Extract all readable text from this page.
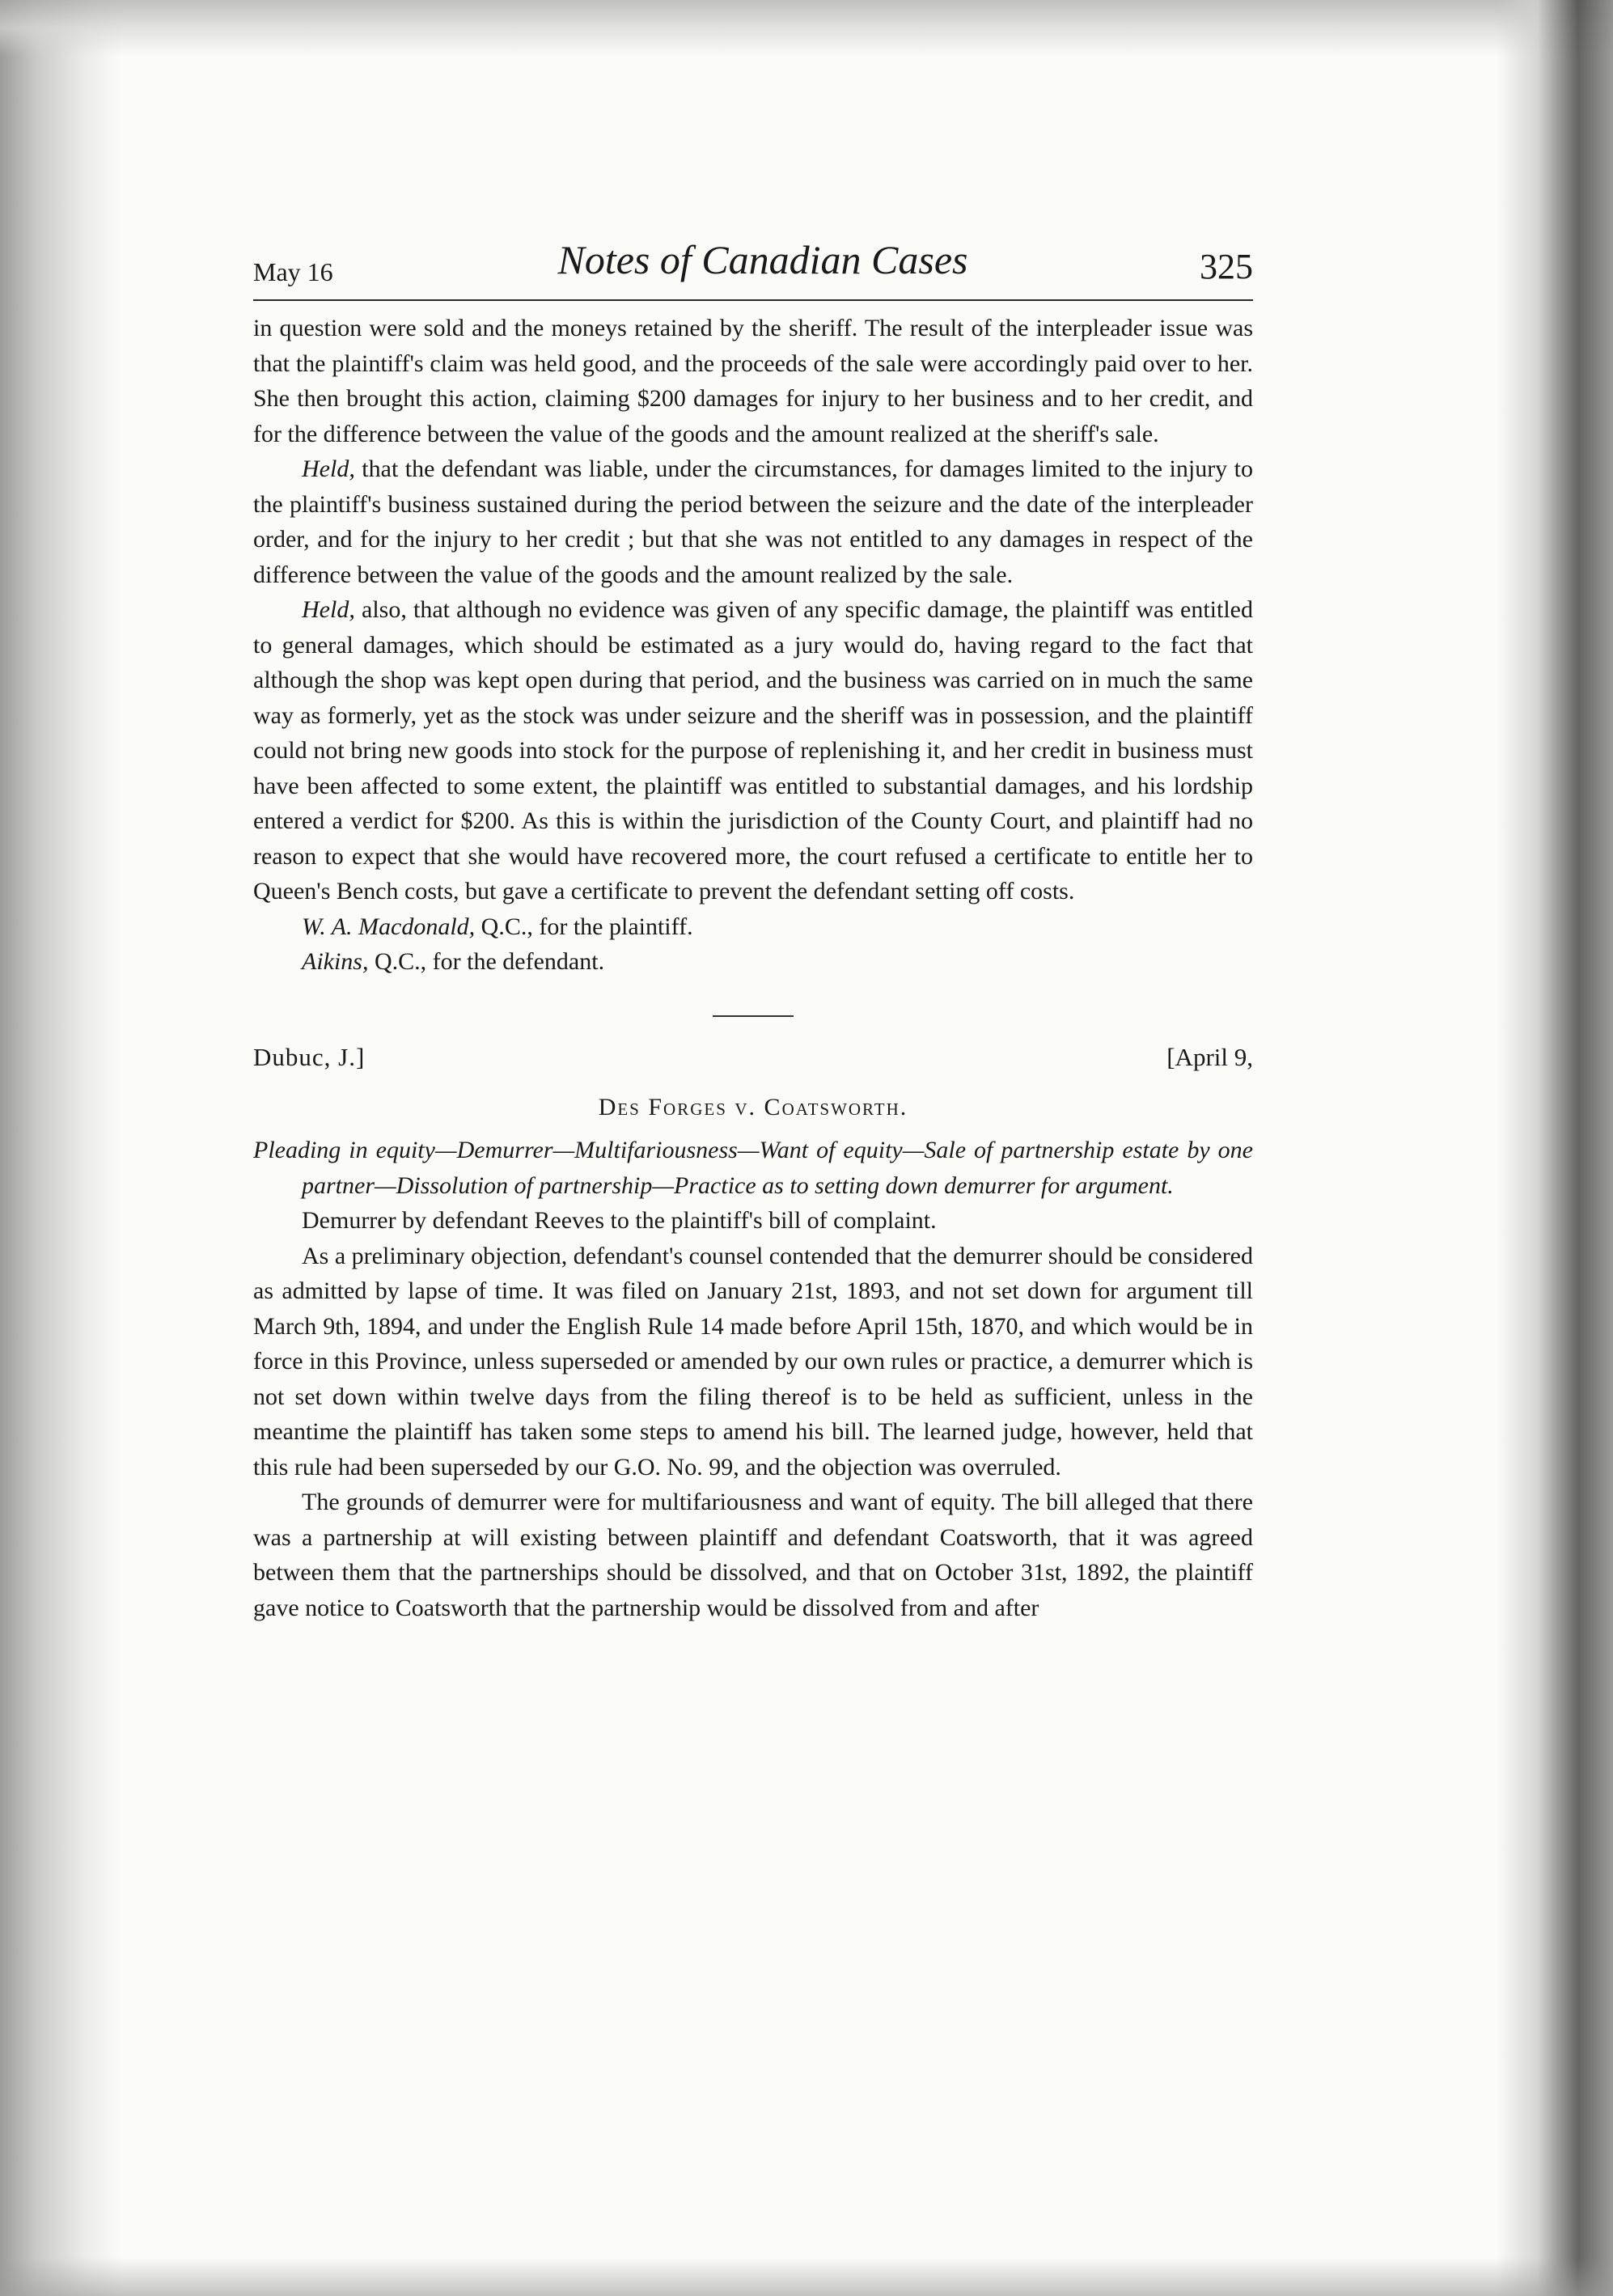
May 16	Notes of Canadian Cases	325

in question were sold and the moneys retained by the sheriff. The result of the interpleader issue was that the plaintiff's claim was held good, and the proceeds of the sale were accordingly paid over to her. She then brought this action, claiming $200 damages for injury to her business and to her credit, and for the difference between the value of the goods and the amount realized at the sheriff's sale.

Held, that the defendant was liable, under the circumstances, for damages limited to the injury to the plaintiff's business sustained during the period between the seizure and the date of the interpleader order, and for the injury to her credit ; but that she was not entitled to any damages in respect of the difference between the value of the goods and the amount realized by the sale.

Held, also, that although no evidence was given of any specific damage, the plaintiff was entitled to general damages, which should be estimated as a jury would do, having regard to the fact that although the shop was kept open during that period, and the business was carried on in much the same way as formerly, yet as the stock was under seizure and the sheriff was in possession, and the plaintiff could not bring new goods into stock for the purpose of replenishing it, and her credit in business must have been affected to some extent, the plaintiff was entitled to substantial damages, and his lordship entered a verdict for $200. As this is within the jurisdiction of the County Court, and plaintiff had no reason to expect that she would have recovered more, the court refused a certificate to entitle her to Queen's Bench costs, but gave a certificate to prevent the defendant setting off costs.

W. A. Macdonald, Q.C., for the plaintiff.

Aikins, Q.C., for the defendant.

Dubuc, J.]	[April 9,
Des Forges v. Coatsworth.

Pleading in equity—Demurrer—Multifariousness—Want of equity—Sale of partnership estate by one partner—Dissolution of partnership—Practice as to setting down demurrer for argument.

Demurrer by defendant Reeves to the plaintiff's bill of complaint.

As a preliminary objection, defendant's counsel contended that the demurrer should be considered as admitted by lapse of time. It was filed on January 21st, 1893, and not set down for argument till March 9th, 1894, and under the English Rule 14 made before April 15th, 1870, and which would be in force in this Province, unless superseded or amended by our own rules or practice, a demurrer which is not set down within twelve days from the filing thereof is to be held as sufficient, unless in the meantime the plaintiff has taken some steps to amend his bill. The learned judge, however, held that this rule had been superseded by our G.O. No. 99, and the objection was overruled.

The grounds of demurrer were for multifariousness and want of equity. The bill alleged that there was a partnership at will existing between plaintiff and defendant Coatsworth, that it was agreed between them that the partnerships should be dissolved, and that on October 31st, 1892, the plaintiff gave notice to Coatsworth that the partnership would be dissolved from and after
